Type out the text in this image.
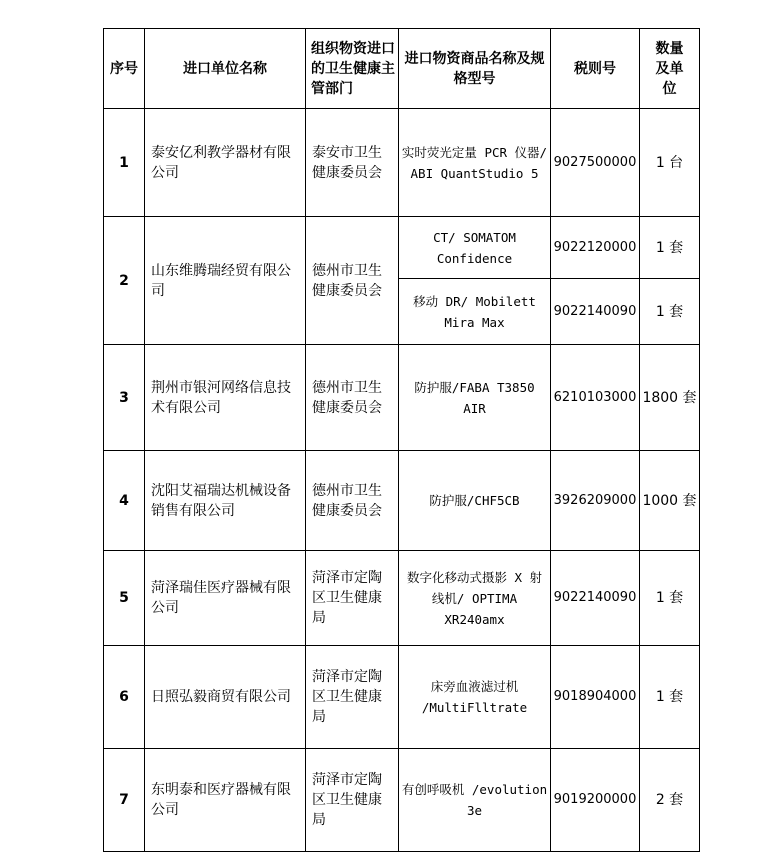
序号	进口单位名称	组织物资进口的卫生健康主管部门	进口物资商品名称及规格型号	税则号	数量及单位
1	泰安亿利教学器材有限公司	泰安市卫生健康委员会	实时荧光定量 PCR 仪器/ ABI QuantStudio 5	9027500000	1 台
2	山东维腾瑞经贸有限公司	德州市卫生健康委员会	CT/ SOMATOM Confidence	9022120000	1 套
			移动 DR/ Mobilett Mira Max	9022140090	1 套
3	荆州市银河网络信息技术有限公司	德州市卫生健康委员会	防护服/FABA T3850 AIR	6210103000	1800 套
4	沈阳艾福瑞达机械设备销售有限公司	德州市卫生健康委员会	防护服/CHF5CB	3926209000	1000 套
5	菏泽瑞佳医疗器械有限公司	菏泽市定陶区卫生健康局	数字化移动式摄影 X 射线机/ OPTIMA XR240amx	9022140090	1 套
6	日照弘毅商贸有限公司	菏泽市定陶区卫生健康局	床旁血液滤过机 /MultiFlltrate	9018904000	1 套
7	东明泰和医疗器械有限公司	菏泽市定陶区卫生健康局	有创呼吸机 /evolution 3e	9019200000	2 套
